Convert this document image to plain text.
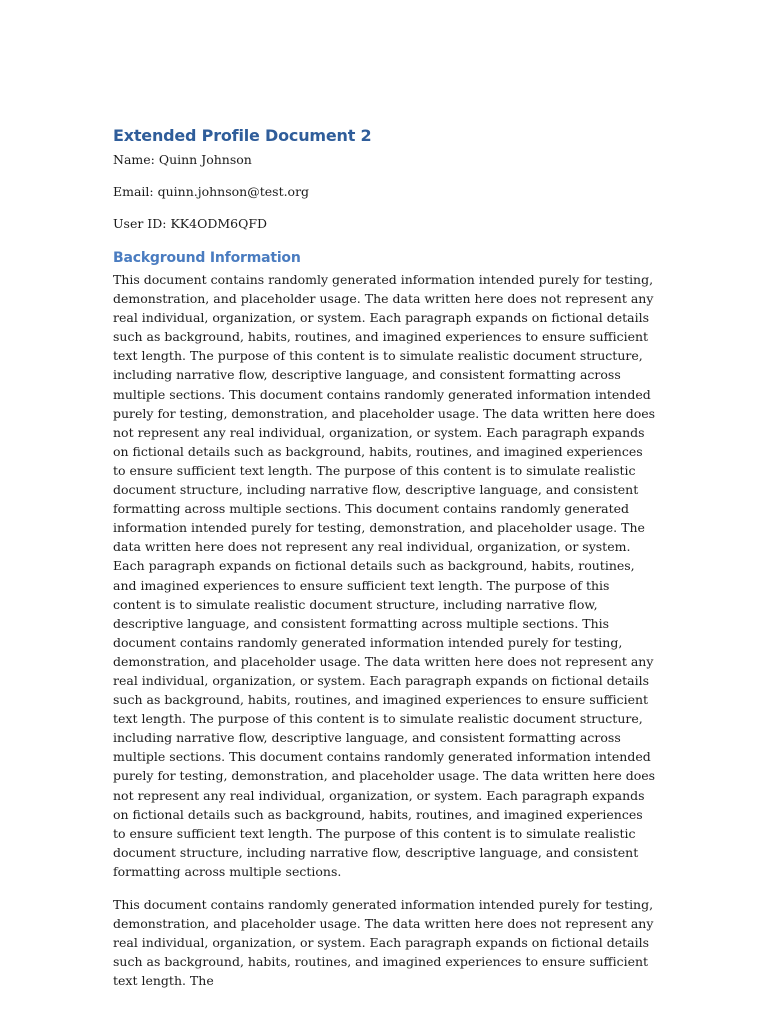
Extended Profile Document 2

Name: Quinn Johnson

Email: quinn.johnson@test.org

User ID: KK4ODM6QFD

Background Information

This document contains randomly generated information intended purely for testing, demonstration, and placeholder usage. The data written here does not represent any real individual, organization, or system. Each paragraph expands on fictional details such as background, habits, routines, and imagined experiences to ensure sufficient text length. The purpose of this content is to simulate realistic document structure, including narrative flow, descriptive language, and consistent formatting across multiple sections. This document contains randomly generated information intended purely for testing, demonstration, and placeholder usage. The data written here does not represent any real individual, organization, or system. Each paragraph expands on fictional details such as background, habits, routines, and imagined experiences to ensure sufficient text length. The purpose of this content is to simulate realistic document structure, including narrative flow, descriptive language, and consistent formatting across multiple sections. This document contains randomly generated information intended purely for testing, demonstration, and placeholder usage. The data written here does not represent any real individual, organization, or system. Each paragraph expands on fictional details such as background, habits, routines, and imagined experiences to ensure sufficient text length. The purpose of this content is to simulate realistic document structure, including narrative flow, descriptive language, and consistent formatting across multiple sections. This document contains randomly generated information intended purely for testing, demonstration, and placeholder usage. The data written here does not represent any real individual, organization, or system. Each paragraph expands on fictional details such as background, habits, routines, and imagined experiences to ensure sufficient text length. The purpose of this content is to simulate realistic document structure, including narrative flow, descriptive language, and consistent formatting across multiple sections. This document contains randomly generated information intended purely for testing, demonstration, and placeholder usage. The data written here does not represent any real individual, organization, or system. Each paragraph expands on fictional details such as background, habits, routines, and imagined experiences to ensure sufficient text length. The purpose of this content is to simulate realistic document structure, including narrative flow, descriptive language, and consistent formatting across multiple sections.

This document contains randomly generated information intended purely for testing, demonstration, and placeholder usage. The data written here does not represent any real individual, organization, or system. Each paragraph expands on fictional details such as background, habits, routines, and imagined experiences to ensure sufficient text length. The
